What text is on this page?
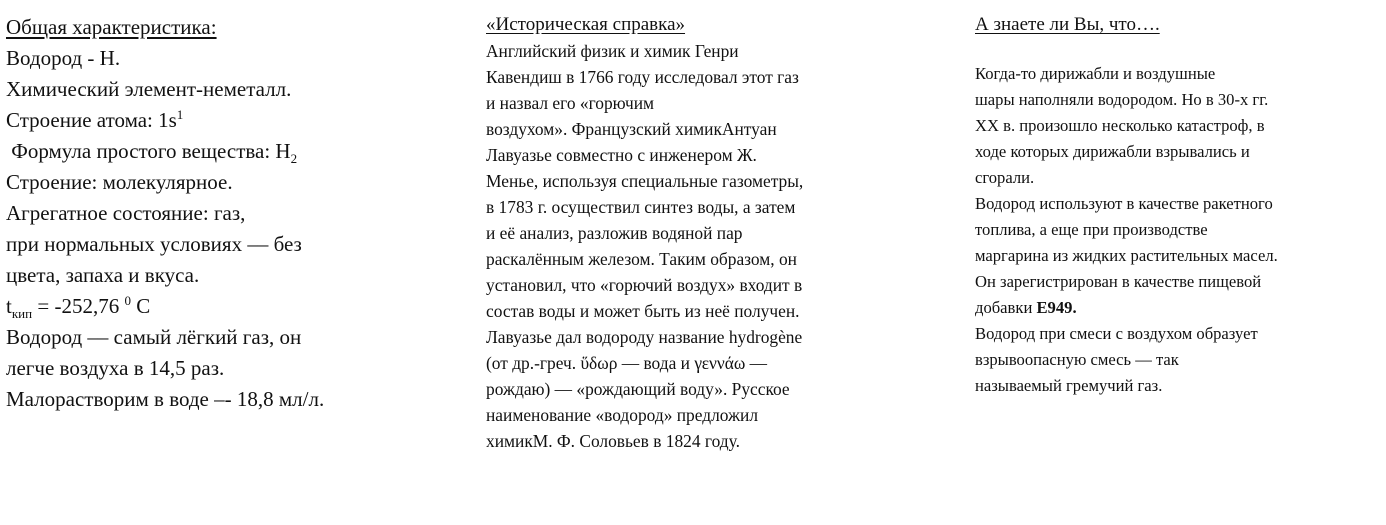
Общая характеристика:
Водород - Н.
Химический элемент-неметалл.
Строение атома: $1s^1$
Формула простого вещества: $Н_2$
Строение: молекулярное.
Агрегатное состояние: газ,
при нормальных условиях –– без
цвета, запаха и вкуса.
$t_{кип} = -252,76$ $^0$ С
Водород –– самый лёгкий газ, он
легче воздуха в 14,5 раз.
Малорастворим в воде –- 18,8 мл/л.
«Историческая справка»
Английский физик и химик Генри
Кавендиш в 1766 году исследовал этот газ
и назвал его «горючим
воздухом». Французский химикАнтуан
Лавуазье совместно с инженером Ж.
Менье, используя специальные газометры,
в 1783 г. осуществил синтез воды, а затем
и её анализ, разложив водяной пар
раскалённым железом. Таким образом, он
установил, что «горючий воздух» входит в
состав воды и может быть из неё получен.
Лавуазье дал водороду название hydrogène
(от др.-греч. ὕδωρ — вода и γεννάω —
рождаю) — «рождающий воду». Русское
наименование «водород» предложил
химикМ. Ф. Соловьев в 1824 году.
А знаете ли Вы, что….
Когда-то дирижабли и воздушные
шары наполняли водородом. Но в 30-х гг.
XX в. произошло несколько катастроф, в
ходе которых дирижабли взрывались и
сгорали.
Водород используют в качестве ракетного
топлива, а еще при производстве
маргарина из жидких растительных масел.
Он зарегистрирован в качестве пищевой
добавки E949.
Водород при смеси с воздухом образует
взрывоопасную смесь — так
называемый гремучий газ.
